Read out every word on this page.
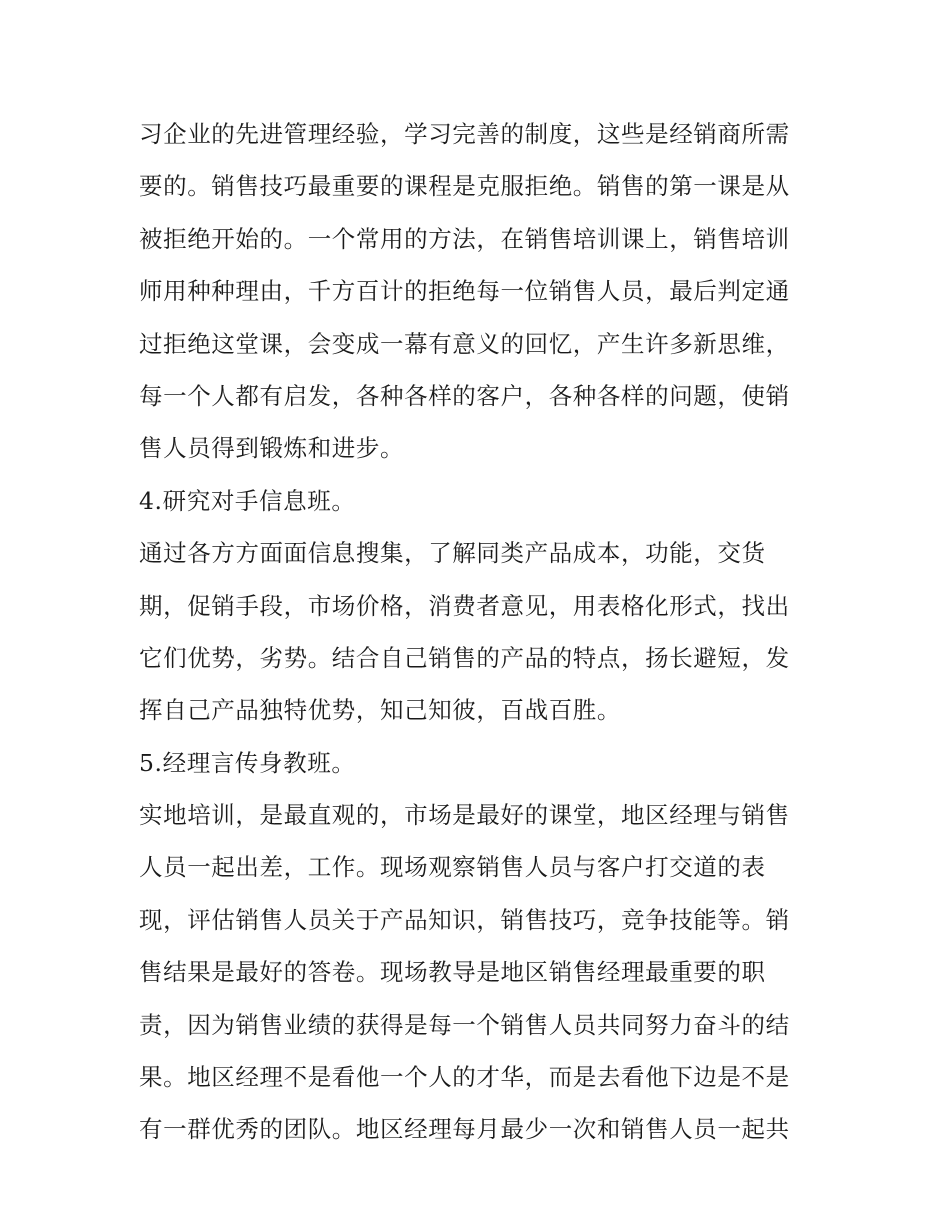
习企业的先进管理经验，学习完善的制度，这些是经销商所需
要的。销售技巧最重要的课程是克服拒绝。销售的第一课是从
被拒绝开始的。一个常用的方法，在销售培训课上，销售培训
师用种种理由，千方百计的拒绝每一位销售人员，最后判定通
过拒绝这堂课，会变成一幕有意义的回忆，产生许多新思维，
每一个人都有启发，各种各样的客户，各种各样的问题，使销
售人员得到锻炼和进步。
4.研究对手信息班。
通过各方方面面信息搜集，了解同类产品成本，功能，交货
期，促销手段，市场价格，消费者意见，用表格化形式，找出
它们优势，劣势。结合自己销售的产品的特点，扬长避短，发
挥自己产品独特优势，知己知彼，百战百胜。
5.经理言传身教班。
实地培训，是最直观的，市场是最好的课堂，地区经理与销售
人员一起出差，工作。现场观察销售人员与客户打交道的表
现，评估销售人员关于产品知识，销售技巧，竞争技能等。销
售结果是最好的答卷。现场教导是地区销售经理最重要的职
责，因为销售业绩的获得是每一个销售人员共同努力奋斗的结
果。地区经理不是看他一个人的才华，而是去看他下边是不是
有一群优秀的团队。地区经理每月最少一次和销售人员一起共
